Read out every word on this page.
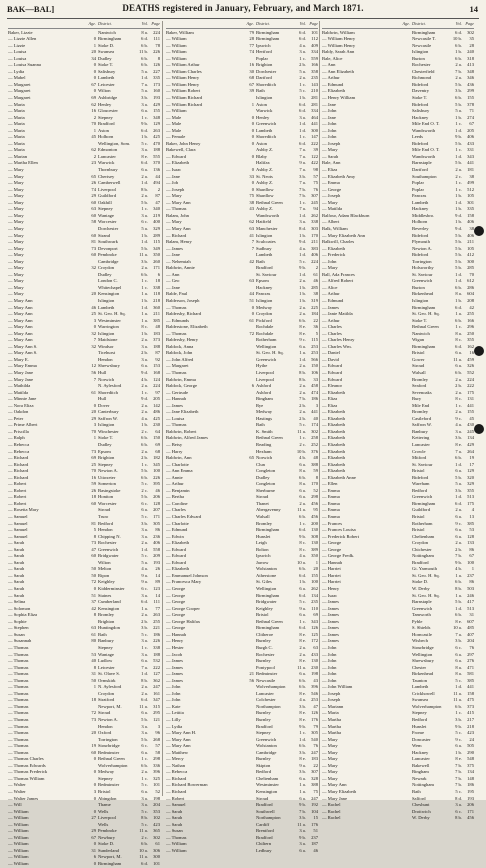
BAK—BAL]	DEATHS registered in January, February, and March 1871.	14
Age. District.	Vol. Page
Baker, Lizzie	Nantwich	8 a.	224
— Lizzie Allen	0 Birmingham	6 d.	111
— Lizzie	1 Stoke D.	6 b.	78
— Louisa	20 Swansea	11 b.	226
— Louisa	34 Dudley	6 b.	8
— Louisa Suanna	0 Stoke T.	6 b.	126
— Lydia	0 Salisbury	5 a.	227
— Mabel	0 Lambeth	1 d.	335
— Margaret	67 Leicester	7 a.	173
— Margaret	0 Wilton	5 a.	160
— Margaret	69 Ashbridge	3 b.	193
— Maria	62 Henley	3 a.	429
— Maria	16 Gloucester	6 a.	155
— Maria	2 Stepney	1 c.	348
— Maria	70 Bradford	9 b.	129
— Maria	1 Aston	6 d.	263
— Maria	45 Holborn	1 b.	425
— Maria	Wellington, Som.	5 c.	470
— Maria	62 Edmonton	3 a.	188
— Marian	2 Lancaster	8 e.	555
— Martha Ellen	23 Warwick	6 d.	370
— Mary	Thornbury	6 a.	136
— Mary	65 Chertsey	2 a.	44
— Mary	26 Camberwell	1 d.	494
— Mary	74 Liverpool	8 b.	2
— Mary	29 Guildford	2 a.	87
— Mary	60 Oakhill	5 b.	47
— Mary	63 Stepney	1 c.	340
— Mary	60 Wantage	3 a.	219
— Mary	58 Worcester	6 c.	400
— Mary	Dorchester	5 a.	329
— Mary	60 Strand	1 b.	289
— Mary	81 Southwark	1 d.	115
— Mary	73 Devonport	5 b.	349
— Mary	60 Pembroke	11 a.	350
— Mary	Cambridge	3 b.	260
— Mary	32 Croydon	2 a.	171
— Mary	Dudley	6 b.	6
— Mary	London C.	1 c.	18
— Mary	Whitechapel	1 c.	338
— Mary	20 Kensington	1 a.	118
— Mary Ann	Islington	1 b.	218
— Mary Ann	46 Lambeth	1 d.	360
— Mary Ann	25 St. Geo. H. Sq.	1 a.	211
— Mary Ann	3 Westminster	1 a.	385
— Mary Ann	0 Warrington	8 c.	48
— Mary Ann	32 Islington	1 b.	183
— Mary Ann	7 Maidstone	2 a.	373
— Mary Ann S.	32 Windsor	3 a.	188
— Mary Ann S.	Ticehurst	2 b.	87
— Mary E.	Hendon	3 a.	92
— Mary Emma	12 Shrewsbury	6 a.	153
— Mary Jane	56 Hull	9 d.	168
— Mary Jane	7 Norwich	4 b.	124
— Mathilda	N. Aylesford	2 a.	224
— Matilda	61 Shoreditch	1 c.	97
— Minnie Jane	Hull	9 d.	205
— Nora Eliza	0 Dover	2 a.	142
— Oakdon	20 Canterbury	2 a.	486
— Peter	29 Saffron W.	4 a.	425
— Prime Albert	3 Islington	1 b.	230
— Priscilla	70 Winchester	2 c.	64
— Ralph	1 Stoke T.	6 b.	150
— Rebecca	Dudley	6 b.	69
— Rebecca	73 Epsom	2 a.	68
— Richard	69 Brighton	2 b.	182
— Richard	25 Stepney	1 c.	345
— Richard	70 Newton A.	5 b.	100
— Richard	16 Uttoxeter	6 b.	226
— Robert	59 Somerton	5 c.	395
— Robert	26 Basingstoke	2 c.	46
— Robert	18 Honiton	5 b.	206
— Robert	60 Worcester	6 c.	128
— Rosetta Mary	Stroud	6 a.	207
— Samuel	Truro	5 c.	171
— Samuel	81 Bedford	3 b.	305
— Samuel	5 Hendon	3 a.	86
— Samuel	8 Chipping N.	3 a.	236
— Sarah	73 Rochester	2 a.	406
— Sarah	47 Greenwich	1 d.	558
— Sarah	60 Bridgwater	5 c.	209
— Sarah	Wilton	5 a.	193
— Sarah	50 Melton	4 a.	26
— Sarah	50 Ripon	9 a.	14
— Sarah	72 Keighley	9 a.	89
— Sarah	0 Kidderminster	6 c.	123
— Sarah	51 Staines	3 a.	14
— Selina	37 Cumberland	6 d.	111
— Solomon	42 Kensington	1 a.	77
— Sophia Eliza	8 Bromley	2 a.	263
— Sophie	Brighton	2 b.	255
— Stephen	63 Huntingdon	3 b.	221
— Susan	61 Bath	5 c.	186
— Susannah	80 Banbury	3 a.	226
— Thomas	Stepney	1 c.	338
— Thomas	53 Wantage	3 a.	188
— Thomas	40 Ludlow	6 a.	532
— Thomas	8 Leicester	7 a.	222
— Thomas	31 St. Olave S.	1 d.	127
— Thomas	50 Ormskirk	8 b.	362
— Thomas	1 N. Aylesford	2 a.	247
— Thomas	Croydon	2 a.	161
— Thomas	18 Stratford	6 d.	347
— Thomas	Newport, M.	11 a.	315
— Thomas	72 Stroud	6 a.	295
— Thomas	73 Newton A.	5 b.	121
— Thomas	Hendon	3 a.	3
— Thomas	20 Oxford	3 a.	96
— Thomas	Torrington	5 b.	268
— Thomas	19 Stourbridge	6 c.	57
— Thomas	60 Bedminster	6 a.	58
— Thomas Charles	0 Bethnal Green	1 c.	298
— Thomas Edwards	Wolverhampton	6 b.	336
— Thomas Frederick	0 Medway	2 a.	396
— Thomas William	Stepney	1 c.	325
— Walter	0 Bedminster	5 c.	101
— Walter	3 Bristol	6 a.	52
— Walter James	0 Abingdon	3 a.	198
— Will	Thame	3 a.	204
— William	0 Wells	5 c.	353
— William	27 Liverpool	8 b.	102
— William	Wells	5 c.	423
— William	29 Pembroke	11 a.	365
— William	67 Newbury	2 c.	302
— William	0 Stoke D.	6 b.	61
— William	31 Sunderland	10 a.	306
— William	6 Newport, M.	11 a.	300
— William	0 Birmingham	6 d.	101
Age. District.	Vol. Page
Baker, William	79 Birmingham	6 d.	101
— William	28 Birmingham	6 d.	112
— William	77 Ipswich	4 a.	409
— William	74 Hertford	3 a.	334
— William	Poplar	1 c.	559
— William Arthur	16 Brighton	2 b.	166
— William Charles	30 Dorchester	5 a.	358
— William Henry	68 Dartford	2 a.	235
— William Henry	67 Shoreditch	1 c.	143
— William Robert	39 Bath	5 c.	210
— William Richard	Islington	1 b.	281
— William Richard	1 Aston	6 d.	281
— William	Warwick	6 d.	334
— Male	0 Henley	3 a.	464
— Male	0 Greenwich	1 d.	441
— Male	0 Lambeth	1 d.	300
— Female	0 Shoreditch	1 c.	147
Baker, John Henry	0 Aston	6 d.	222
Bakewell, Clara	Ashby Z.	7 a.	39
— Edward	0 Blaby	7 a.	122
— Elizabeth	Halifax	9 a.	422
— Isaac	0 Ashby Z.	7 a.	98
— Jane	33 St. Neots	3 b.	57
— Job	0 Ashby Z.	7 a.	75
— Joseph	0 Shardlow	7 b.	76
— Mary	75 Shardlow	7 b.	307
— Mary Ann	38 Bethnal Green	1 c.	245
— Thomas	43 Ashby Z.	7 a.	94
Balam, John	Wandsworth	1 d.	262
— Mary	62 Hatfield	3 a.	338
— Mary Ann	63 Manchester	8 d.	303
— Richard	41 Islington	1 b.	170
Balam, Henry	7 Sculcoates	9 d.	211
— James	7 Sudbury	4 a.	383
— Jane	Lambeth	1 d.	406
— Nehemiah	42 Bath	5 c.	224
Baldwin, Annie	Bradford	9 b.	2
— Ann	St. Saviour	1 d.	61
— Geo	63 Epsom	2 a.	46
— Jane	Hackney	1 b.	285
Balde, Paul	44 Pancras	1 b.	38
Balderson, Joseph	51 Islington	1 b.	319
— Thomas	0 Medway	2 a.	225
Baldersby, Richard	0 Croydon	2 a.	184
— Edmunds	61 Pickford	6 b.	22
Balderstone, Elizabeth	Rochdale	8 e.	36
— Thomas	72 Rochdale	8 e.	5
Baldersby, Henry	Rotherham	9 c.	115
Baldock, Anna	Wellington	6 a.	253
Baldock, John	St. Geo. H. Sq.	1 a.	253
— John Alfred	Greenwich	1 d.	566
— Margaret	Hythe	2 a.	150
— Thomas	Liverpool	8 b.	106
Baldwin, Emma	Liverpool	8 b.	33
Baldock, George	6 Ashford	2 a.	458
— Gertrude	Ashford	2 a.	474
— Hannah	Bingham	7 b.	186
— James	Rye	2 b.	3
— Jane Elizabeth	Medway	2 a.	441
— Louisa	Hastings	2 b.	40
— Thomas	Bath	5 c.	174
Baldwin, Robert	K. Smith	11 a.	302
Baldwin, Alfred James	Bethnal Green	1 c.	258
— Betsy	Reading	2 c.	252
— Harry	Hexham	10 b.	376
Baldwin, Ann	65 Norwich	4 b.	48
— Charlotte	Clun	6 a.	388
— Ann Emma	Congleton	8 a.	59
— Annie	Dudley	6 b.	8
— Arthur	Congleton	8 a.	170
— Benjamin	Sherburne	6 a.	52
— Bertha	Stroud	6 a.	298
— Caroline	Thanet	2 a.	456
— Charles	Abergavenny	11 a.	95
— Charles Edward	Walsall	6 b.	456
— Charlotte	Bromley	1 c.	200
— Edmund	Birmingham	6 d.	130
— Edwin	Hunslet	9 b.	308
— Elizabeth	Leigh	8 c.	130
— Edward	Bolton	8 c.	389
— Edward	Ipswich	4 a.	350
— Edward	Jarrow	10 a.	1
— Elizabeth	Wolstanton	6 b.	20
— Emmanuel Johnson	Atherstone	6 d.	155
— Francesca Mary	St. Giles	1 b.	100
— George	Wellington	6 a.	262
— George	Birmingham	6 d.	134
— George	Bridgwater	5 c.	235
— George Cooper	Keighley	9 a.	110
— George	Bristol	6 a.	69
— George Halifax	Bethnal Green	1 c.	343
— George	Birmingham	6 d.	126
— Hannah	Clitheroe	8 e.	125
— Henry	Burnley	8 e.	172
— Hester	Burgh C.	2 a.	63
— Jacob	Rochester	2 a.	433
— James	Burnley	8 e.	130
— James	Pontypool	11 a.	230
— James	21 Bedminster	6 a.	198
— James	56 Newcastle	6 b.	43
— John	Wolverhampton	6 b.	396
— John	Lancaster	8 e.	546
— John	Colchester	4 a.	253
— Kate	Northampton	3 b.	47
— Letitia	Burnley	8 e.	126
— Lilly	Burnley	8 e.	176
— Lydia	Bradford	9 b.	79
— Mary Ann H.	Stepney	1 c.	305
— Mary Ann	Greenwich	1 d.	540
— Mary Ann	Wolstanton	6 b.	76
— Matthew	Cambridge	3 b.	247
— Mercy	Burnley	8 e.	183
— Nathan	Skipton	9 a.	22
— Rebecca	Bedford	3 b.	307
— Richard	Cheltenham	6 a.	328
— Richard Bowerman	Westminster	1 a.	388
— Richard	Kensington	1 a.	75
— Robert	Stroud	6 a.	247
— Samuel	Bradford	9 b.	192
— Sarah	Southwell	7 b.	104
— Sarah	Northampton	3 b.	15
— Sarah	Cardiff	11 a.	176
— Susan	Brentford	3 a.	51
— Thomas	Bradford	9 b.	237
— William	Chiltern	3 a.	187
— William	Ledbury	6 a.	46
Age. District.	Vol. Page
Baldwin, William	Birmingham	6 d.	302
— William Henry	Newcastle T.	10 b.	35
— William Henry	Newcastle	6 b.	28
Baldy, Sarah Ann	Islington	1 b.	240
Bale, Alice	Burton	6 b.	318
— Ann	Rochester	2 a.	413
— Ann Elizabeth	Chesterfield	7 b.	348
— Arthur	Richmond	2 a.	346
— Edmund	Bideford	5 b.	436
— Elizabeth	Daventry	3 b.	299
— Henry William	Stoke T.	6 b.	155
— Jane	Bideford	5 b.	378
— John	Salisbury	5 a.	71
— Jane	Hackney	1 b.	274
— John	Mile End O. T.	1 c.	67
— John	Wandsworth	1 d.	205
— John	Leeds	9 b.	406
— Joseph	Bideford	5 b.	433
— Mary	Mile End O. T.	1 c.	331
— Sarah	Wandsworth	1 d.	343
Bale, Ann	Barnstaple	5 b.	441
— Eliza	Dartford	2 a.	181
— Elizabeth Amy	Southampton	2 c.	38
— Emma	Poplar	1 c.	499
— George	Poplar	1 c.	512
— Joseph	Pancras	1 b.	105
— Mary	Lambeth	1 d.	301
— Matilda	Hackney	1 b.	335
Balfour, Adam Blackburn	Middlesbro.	9 d.	158
— Albert	Holborn	1 b.	406
Balk, William	Beverley	9 d.	38
— Mary Elizabeth Ann	Bideford	5 b.	406
Balkwill, Charles	Plymouth	5 b.	211
— Elizabeth	Newton A.	5 b.	105
— Frederick	Bideford	5 b.	412
— John	Torrington	5 b.	300
— Mary	Holsworthy	5 b.	285
Ball, Ada Frances	St. Saviour	1 d.	70
— Alfred Robert	Greenwich	1 d.	612
— Alice	Burton	6 b.	286
— Arthur	Birkenhead	8 a.	604
— Edmund	Islington	1 b.	208
— James	Birmingham	6 d.	42
— Janie Matilda	St. Geo. H. Sq.	1 a.	255
— Arthur	Stoke T.	6 b.	166
— Charles	Bethnal Green	1 c.	296
— Charles	Nantwich	8 a.	250
— Charles Henry	Wigan	8 c.	355
— Charles Wm.	Birmingham	6 d.	162
— Daniel	Bristol	6 a.	16
— David	Gower	11 a.	459
— Edward	Stroud	6 a.	326
— Edward	Walsall	6 b.	552
— Edward	Bromley	2 a.	224
— Eleanor	Seaford	2 b.	222
— Elizabeth	Sevenoaks	2 a.	175
— Eliza	Bury	8 c.	131
— Eliza	Mile End	1 c.	441
— Elizabeth	Bromley	2 a.	155
— Elizabeth	Castleford	9 c.	45
— Elizabeth	Saffron W.	4 a.	430
— Elizabeth	Banbury	3 a.	245
— Elizabeth	Kettering	3 b.	134
— Elizabeth	Lancaster	8 e.	429
— Elizabeth	Crowle	7 a.	264
— Elizabeth	Mitford	6 b.	19
— Elizabeth	St. Saviour	1 d.	17
— Elizabeth	Bristol	6 a.	129
— Elizabeth Anne	Bideford	5 b.	320
— Ellen	Wareham	5 a.	329
— Emma	Bedford	3 b.	355
— Emma	Greenwich	1 d.	513
— Emma	Birmingham	6 d.	175
— Emma	Guildford	2 a.	4
— Emma	Bristol	6 a.	13
— Frances	Rotherham	9 c.	385
— Frances Louisa	Bristol	6 a.	53
— Frederick Robert	Cheltenham	6 a.	128
— George	Croydon	2 a.	133
— George	Chichester	2 b.	86
— George Fredk.	Nottingham	7 b.	67
— Hannah	Bradford	9 b.	100
— Harriet	Gt. Yarmouth	4 b.	1
— Harriet	St. Geo. H. Sq.	1 a.	237
— Harriet	Stoke D.	6 b.	86
— Henry	W. Derby	8 b.	503
— Isaac	St. Geo. H. Sq.	1 a.	246
— James	Barnstaple	5 b.	417
— James	Greenwich	1 d.	513
— James	Tamworth	6 b.	31
— James	Pyble	8 e.	607
— James	S. Shields	10 a.	485
— James	Horncastle	7 a.	407
— James	Wisbech	3 b.	204
— John	Stourbridge	6 c.	76
— John	Wellington	6 a.	297
— John	Shrewsbury	6 a.	276
— John	Chester	8 a.	471
— John	Birkenhead	8 a.	581
— John	Taunton	5 c.	385
— John William	Lambeth	1 d.	441
— Joseph	Crickhowell	11 a.	158
— Joseph	Swansea	11 a.	475
— Mariann	Wolverhampton	6 b.	373
— Maria	Stepney	1 c.	415
— Martha	Bedford	3 b.	217
— Martha	Hunslet	9 b.	218
— Martha	Frome	5 c.	423
— Mary	Doncaster	9 c.	24
— Mary	Wem	6 a.	505
— Mary	Hackney	1 b.	290
— Mary	Lancaster	8 e.	548
— Mary	Bakewell	7 b.	375
— Mary	Bingham	7 b.	134
— Mary	Newark	7 b.	148
— Mary Ann	Nottingham	7 b.	186
— Mary Elizabeth	Bath	5 c.	195
— Mary Jane	Salford	8 d.	193
— Rachel	Cheshunt	3 a.	206
— Rachel	Droitwich	6 c.	171
— Rachel	W. Derby	8 b.	456
